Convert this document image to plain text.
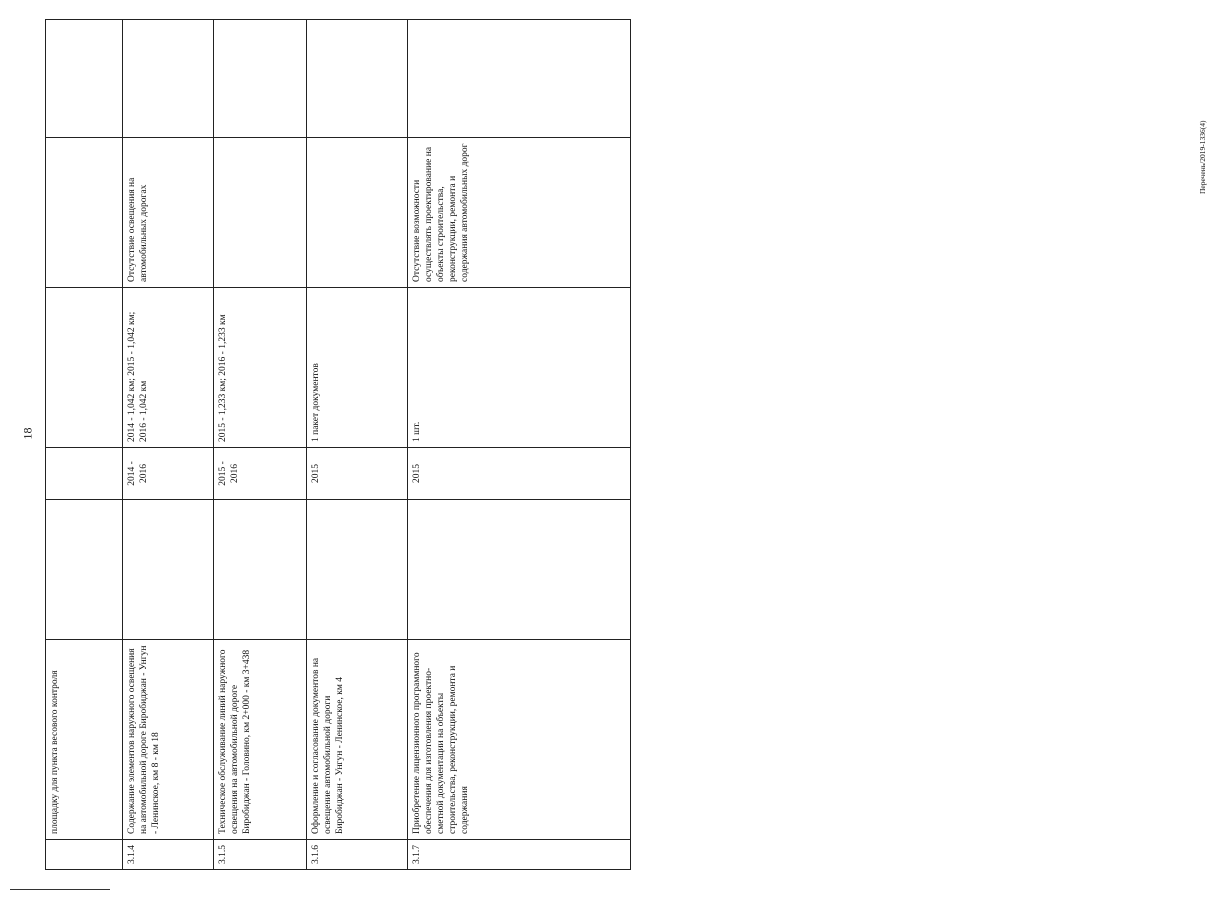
18
Перечень/2019-1336(4)
	площадку для пункта весового контроля					
3.1.4	Содержание элементов наружного освещения на автомобильной дороге Биробиджан - Унгун - Ленинское, км 8 - км 18		2014 - 2016	2014 - 1,042 км; 2015 - 1,042 км; 2016 - 1,042 км	Отсутствие освещения на автомобильных дорогах	
3.1.5	Техническое обслуживание линий наружного освещения на автомобильной дороге Биробиджан - Головино, км 2+000 - км 3+438		2015 - 2016	2015 - 1,233 км; 2016 - 1,233 км		
3.1.6	Оформление и согласование документов на освещение автомобильной дороги Биробиджан - Унгун - Ленинское, км 4		2015	1 пакет документов		
3.1.7	Приобретение лицензионного программного обеспечения для изготовления проектно-сметной документации на объекты строительства, реконструкции, ремонта и содержания		2015	1 шт.	Отсутствие возможности осуществлять проектирование на объекты строительства, реконструкции, ремонта и содержания автомобильных дорог	
